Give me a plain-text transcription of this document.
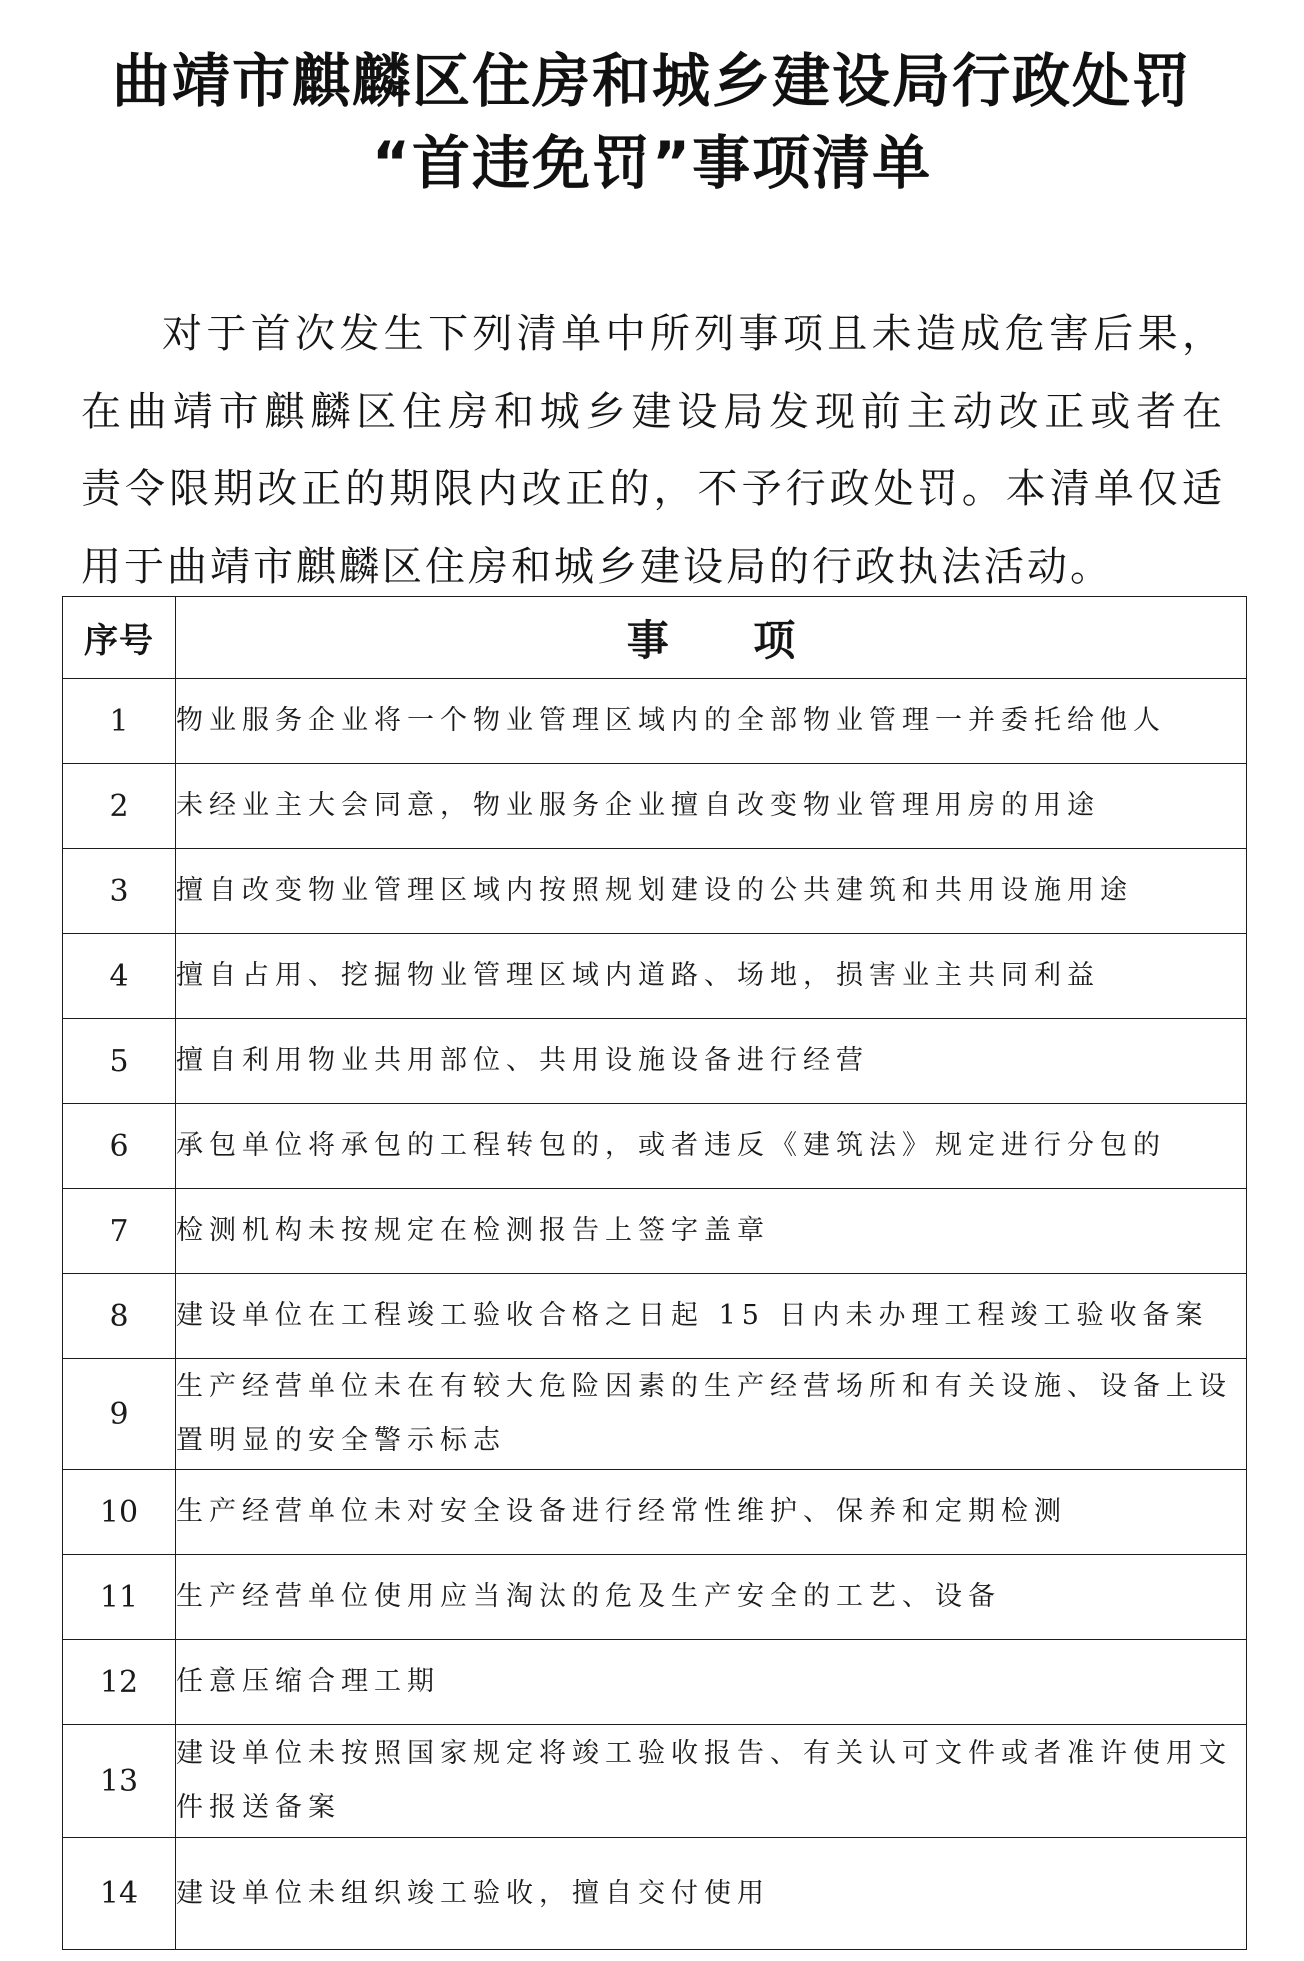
曲靖市麒麟区住房和城乡建设局行政处罚
“首违免罚”事项清单
对于首次发生下列清单中所列事项且未造成危害后果，
在曲靖市麒麟区住房和城乡建设局发现前主动改正或者在
责令限期改正的期限内改正的，不予行政处罚。本清单仅适
用于曲靖市麒麟区住房和城乡建设局的行政执法活动。
序号	事 项
1	物业服务企业将一个物业管理区域内的全部物业管理一并委托给他人
2	未经业主大会同意，物业服务企业擅自改变物业管理用房的用途
3	擅自改变物业管理区域内按照规划建设的公共建筑和共用设施用途
4	擅自占用、挖掘物业管理区域内道路、场地，损害业主共同利益
5	擅自利用物业共用部位、共用设施设备进行经营
6	承包单位将承包的工程转包的，或者违反《建筑法》规定进行分包的
7	检测机构未按规定在检测报告上签字盖章
8	建设单位在工程竣工验收合格之日起 15 日内未办理工程竣工验收备案
9	生产经营单位未在有较大危险因素的生产经营场所和有关设施、设备上设置明显的安全警示标志
10	生产经营单位未对安全设备进行经常性维护、保养和定期检测
11	生产经营单位使用应当淘汰的危及生产安全的工艺、设备
12	任意压缩合理工期
13	建设单位未按照国家规定将竣工验收报告、有关认可文件或者准许使用文件报送备案
14	建设单位未组织竣工验收，擅自交付使用
